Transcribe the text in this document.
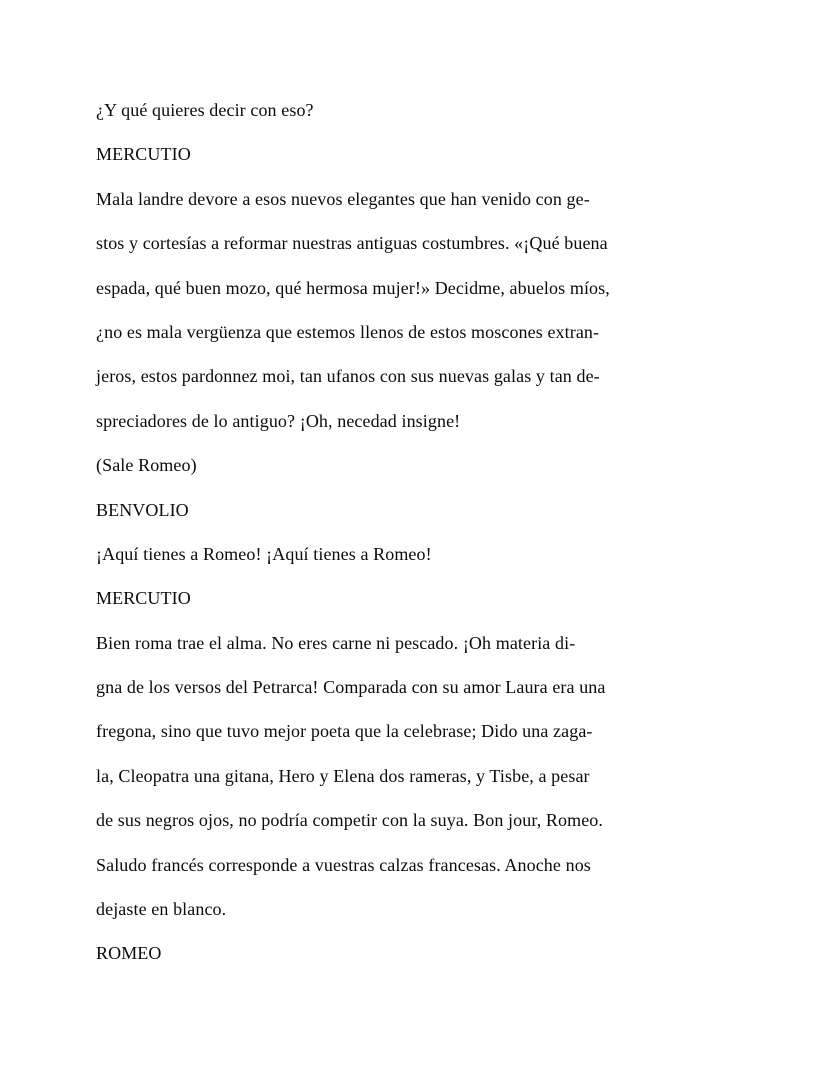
¿Y qué quieres decir con eso?
MERCUTIO
Mala landre devore a esos nuevos elegantes que han venido con ge-
stos y cortesías a reformar nuestras antiguas costumbres. «¡Qué buena
espada, qué buen mozo, qué hermosa mujer!» Decidme, abuelos míos,
¿no es mala vergüenza que estemos llenos de estos moscones extran-
jeros, estos pardonnez moi, tan ufanos con sus nuevas galas y tan de-
spreciadores de lo antiguo? ¡Oh, necedad insigne!
(Sale Romeo)
BENVOLIO
¡Aquí tienes a Romeo! ¡Aquí tienes a Romeo!
MERCUTIO
Bien roma trae el alma. No eres carne ni pescado. ¡Oh materia di-
gna de los versos del Petrarca! Comparada con su amor Laura era una
fregona, sino que tuvo mejor poeta que la celebrase; Dido una zaga-
la, Cleopatra una gitana, Hero y Elena dos rameras, y Tisbe, a pesar
de sus negros ojos, no podría competir con la suya. Bon jour, Romeo.
Saludo francés corresponde a vuestras calzas francesas. Anoche nos
dejaste en blanco.
ROMEO
